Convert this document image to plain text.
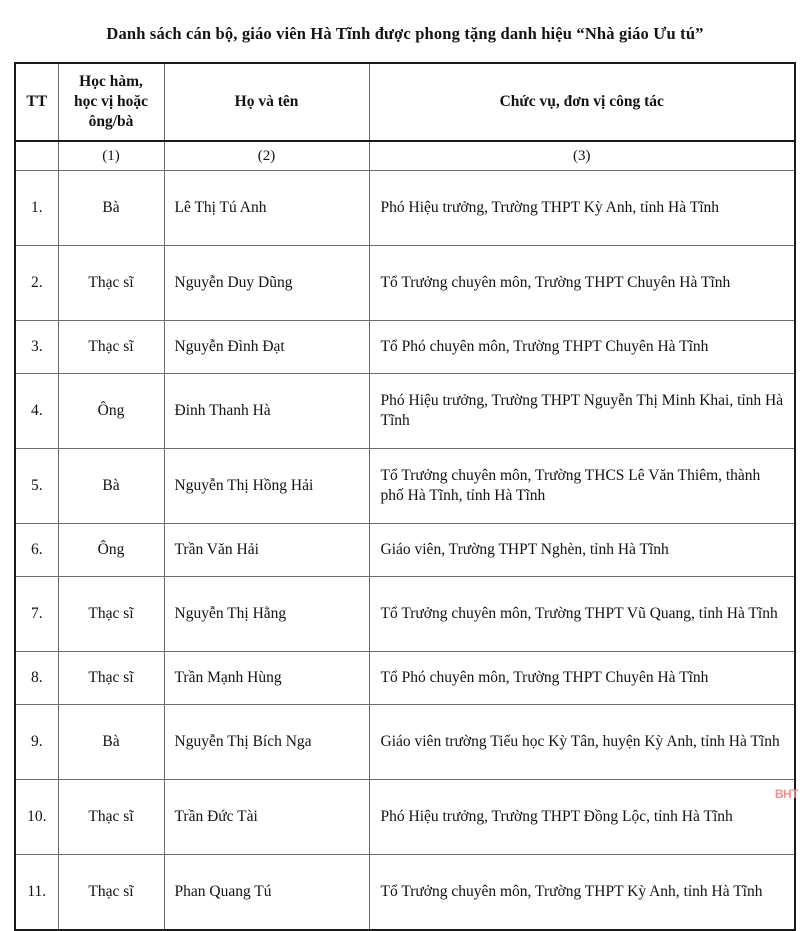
Danh sách cán bộ, giáo viên Hà Tĩnh được phong tặng danh hiệu “Nhà giáo Ưu tú”
TT	Học hàm,
học vị hoặc
ông/bà	Họ và tên	Chức vụ, đơn vị công tác
	(1)	(2)	(3)
1.	Bà	Lê Thị Tú Anh	Phó Hiệu trưởng, Trường THPT Kỳ Anh, tỉnh Hà Tĩnh
2.	Thạc sĩ	Nguyễn Duy Dũng	Tổ Trưởng chuyên môn, Trường THPT Chuyên Hà Tĩnh
3.	Thạc sĩ	Nguyễn Đình Đạt	Tổ Phó chuyên môn, Trường THPT Chuyên Hà Tĩnh
4.	Ông	Đinh Thanh Hà	Phó Hiệu trưởng, Trường THPT Nguyễn Thị Minh Khai, tỉnh Hà Tĩnh
5.	Bà	Nguyễn Thị Hồng Hải	Tổ Trưởng chuyên môn, Trường THCS Lê Văn Thiêm, thành phố Hà Tĩnh, tỉnh Hà Tĩnh
6.	Ông	Trần Văn Hải	Giáo viên, Trường THPT Nghèn, tỉnh Hà Tĩnh
7.	Thạc sĩ	Nguyễn Thị Hằng	Tổ Trưởng chuyên môn, Trường THPT Vũ Quang, tỉnh Hà Tĩnh
8.	Thạc sĩ	Trần Mạnh Hùng	Tổ Phó chuyên môn, Trường THPT Chuyên Hà Tĩnh
9.	Bà	Nguyễn Thị Bích Nga	Giáo viên trường Tiểu học Kỳ Tân, huyện Kỳ Anh, tỉnh Hà Tĩnh
10.	Thạc sĩ	Trần Đức Tài	Phó Hiệu trưởng, Trường THPT Đồng Lộc, tỉnh Hà Tĩnh
11.	Thạc sĩ	Phan Quang Tú	Tổ Trưởng chuyên môn, Trường THPT Kỳ Anh, tỉnh Hà Tĩnh
BHT
